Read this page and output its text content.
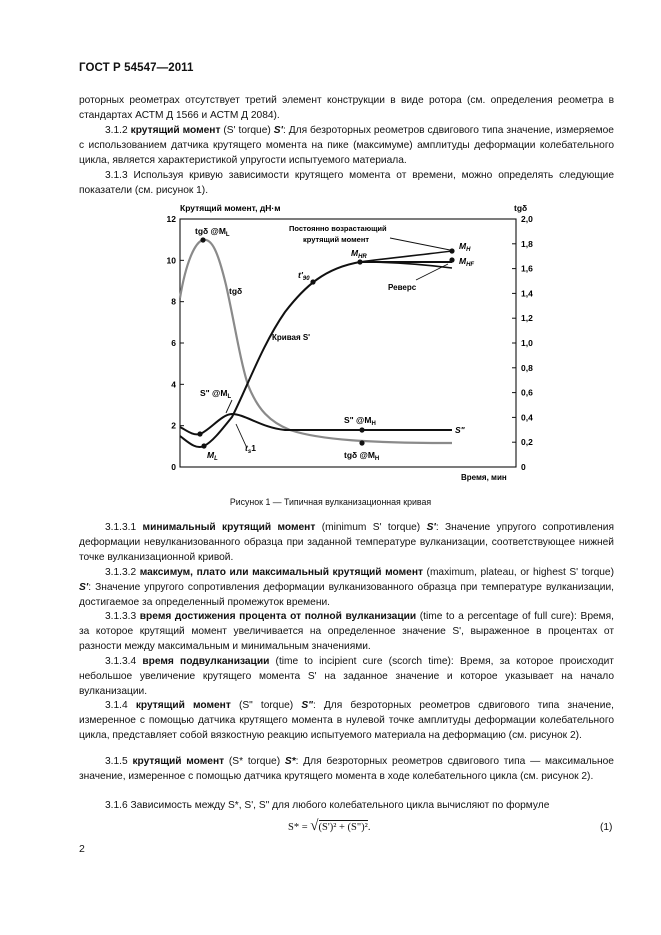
ГОСТ Р 54547—2011

роторных реометрах отсутствует третий элемент конструкции в виде ротора (см. определения реометра в стандартах АСТМ Д 1566 и АСТМ Д 2084).

3.1.2 крутящий момент (S' torque) S': Для безроторных реометров сдвигового типа значение, измеряемое с использованием датчика крутящего момента на пике (максимуме) амплитуды деформации колебательного цикла, является характеристикой упругости испытуемого материала.

3.1.3 Используя кривую зависимости крутящего момента от времени, можно определять следующие показатели (см. рисунок 1).

Крутящий момент, дН·м	tgδ
Время, мин
0
2
4
6
8
10
12
0
0,2
0,4
0,6
0,8
1,0
1,2
1,4
1,6
1,8
2,0
tgδ $@M_L$
tgδ
$t'_{90}$
$M_{HR}$
$M_H$
$M_{HF}$
Постоянно возрастающий
крутящий момент
Реверс
Кривая S'
S" $@M_L$
S" $@M_H$
S"
$t_s1$
$M_L$	tgδ $@M_H$
Рисунок 1 — Типичная вулканизационная кривая

3.1.3.1 минимальный крутящий момент (minimum S' torque) S': Значение упругого сопротивления деформации невулканизованного образца при заданной температуре вулканизации, соответствующее нижней точке вулканизационной кривой.

3.1.3.2 максимум, плато или максимальный крутящий момент (maximum, plateau, or highest S' torque) S': Значение упругого сопротивления деформации вулканизованного образца при температуре вулканизации, достигаемое за определенный промежуток времени.

3.1.3.3 время достижения процента от полной вулканизации (time to a percentage of full cure): Время, за которое крутящий момент увеличивается на определенное значение S', выраженное в процентах от разности между максимальным и минимальным значениями.

3.1.3.4 время подвулканизации (time to incipient cure (scorch time): Время, за которое происходит небольшое увеличение крутящего момента S' на заданное значение и которое указывает на начало вулканизации.

3.1.4 крутящий момент (S" torque) S": Для безроторных реометров сдвигового типа значение, измеренное с помощью датчика крутящего момента в нулевой точке амплитуды деформации колебательного цикла, представляет собой вязкостную реакцию испытуемого материала на деформацию (см. рисунок 2).

3.1.5 крутящий момент (S* torque) S*: Для безроторных реометров сдвигового типа — максимальное значение, измеренное с помощью датчика крутящего момента в ходе колебательного цикла (см. рисунок 2).

3.1.6 Зависимость между S*, S', S" для любого колебательного цикла вычисляют по формуле

S* = √(S')² + (S")².	(1)
2
